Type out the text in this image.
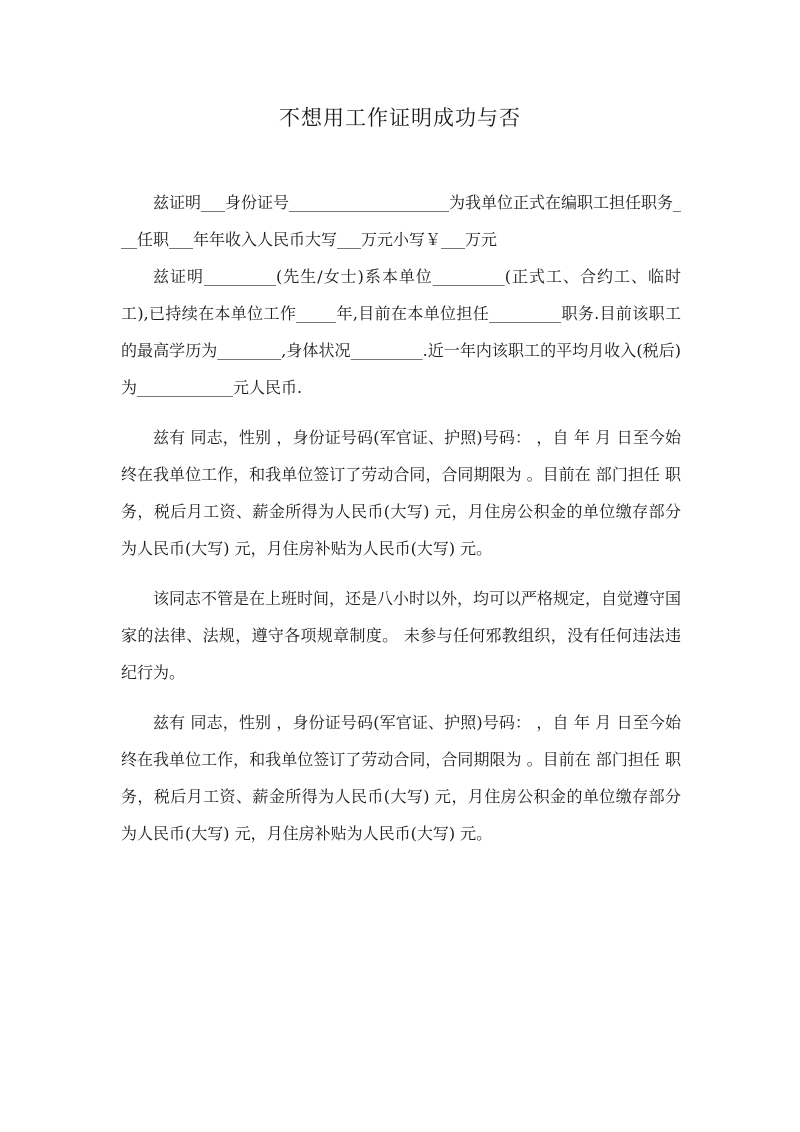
不想用工作证明成功与否

兹证明___身份证号____________________为我单位正式在编职工担任职务___任职___年年收入人民币大写___万元小写￥___万元

兹证明_________(先生/女士)系本单位_________(正式工、合约工、临时工),已持续在本单位工作_____年,目前在本单位担任_________职务.目前该职工的最高学历为________,身体状况_________.近一年内该职工的平均月收入(税后)为____________元人民币.

兹有 同志，性别 ，身份证号码(军官证、护照)号码： ，自 年 月 日至今始终在我单位工作，和我单位签订了劳动合同，合同期限为 。目前在 部门担任 职务，税后月工资、薪金所得为人民币(大写) 元，月住房公积金的单位缴存部分为人民币(大写) 元，月住房补贴为人民币(大写) 元。

该同志不管是在上班时间，还是八小时以外，均可以严格规定，自觉遵守国家的法律、法规，遵守各项规章制度。 未参与任何邪教组织，没有任何违法违纪行为。

兹有 同志，性别 ，身份证号码(军官证、护照)号码： ，自 年 月 日至今始终在我单位工作，和我单位签订了劳动合同，合同期限为 。目前在 部门担任 职务，税后月工资、薪金所得为人民币(大写) 元，月住房公积金的单位缴存部分为人民币(大写) 元，月住房补贴为人民币(大写) 元。
